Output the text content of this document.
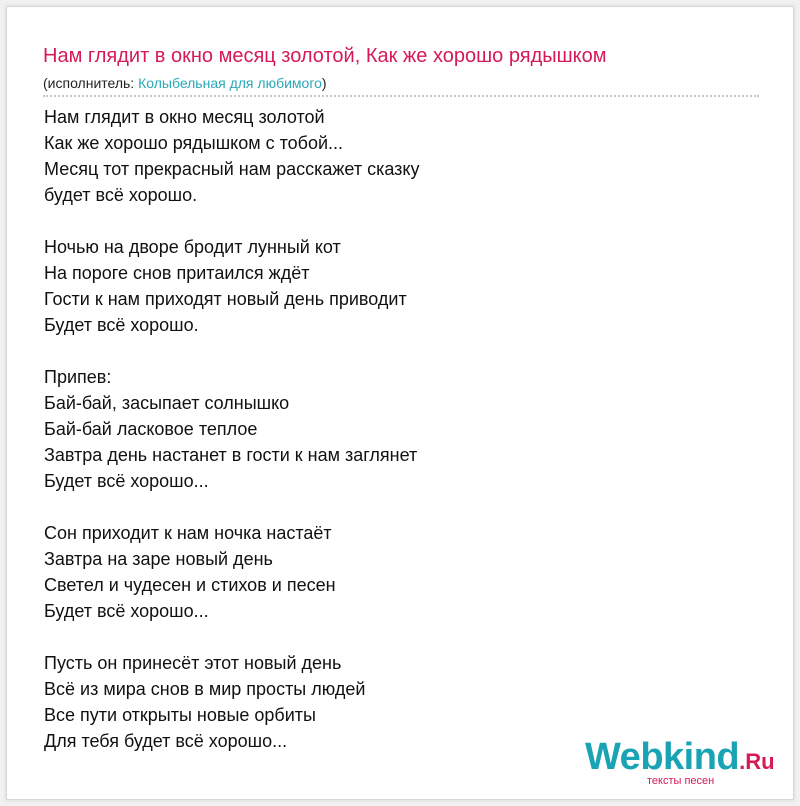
Нам глядит в окно месяц золотой, Как же хорошо рядышком
(исполнитель: Колыбельная для любимого)
Нам глядит в окно месяц золотой
Как же хорошо рядышком с тобой...
Месяц тот прекрасный нам расскажет сказку
будет всё хорошо.
Ночью на дворе бродит лунный кот
На пороге снов притаился ждёт
Гости к нам приходят новый день приводит
Будет всё хорошо.
Припев:
Бай-бай, засыпает солнышко
Бай-бай ласковое теплое
Завтра день настанет в гости к нам заглянет
Будет всё хорошо...
Сон приходит к нам ночка настаёт
Завтра на заре новый день
Светел и чудесен и стихов и песен
Будет всё хорошо...
Пусть он принесёт этот новый день
Всё из мира снов в мир просты людей
Все пути открыты новые орбиты
Для тебя будет всё хорошо...	Webkind.Ru
тексты песен
